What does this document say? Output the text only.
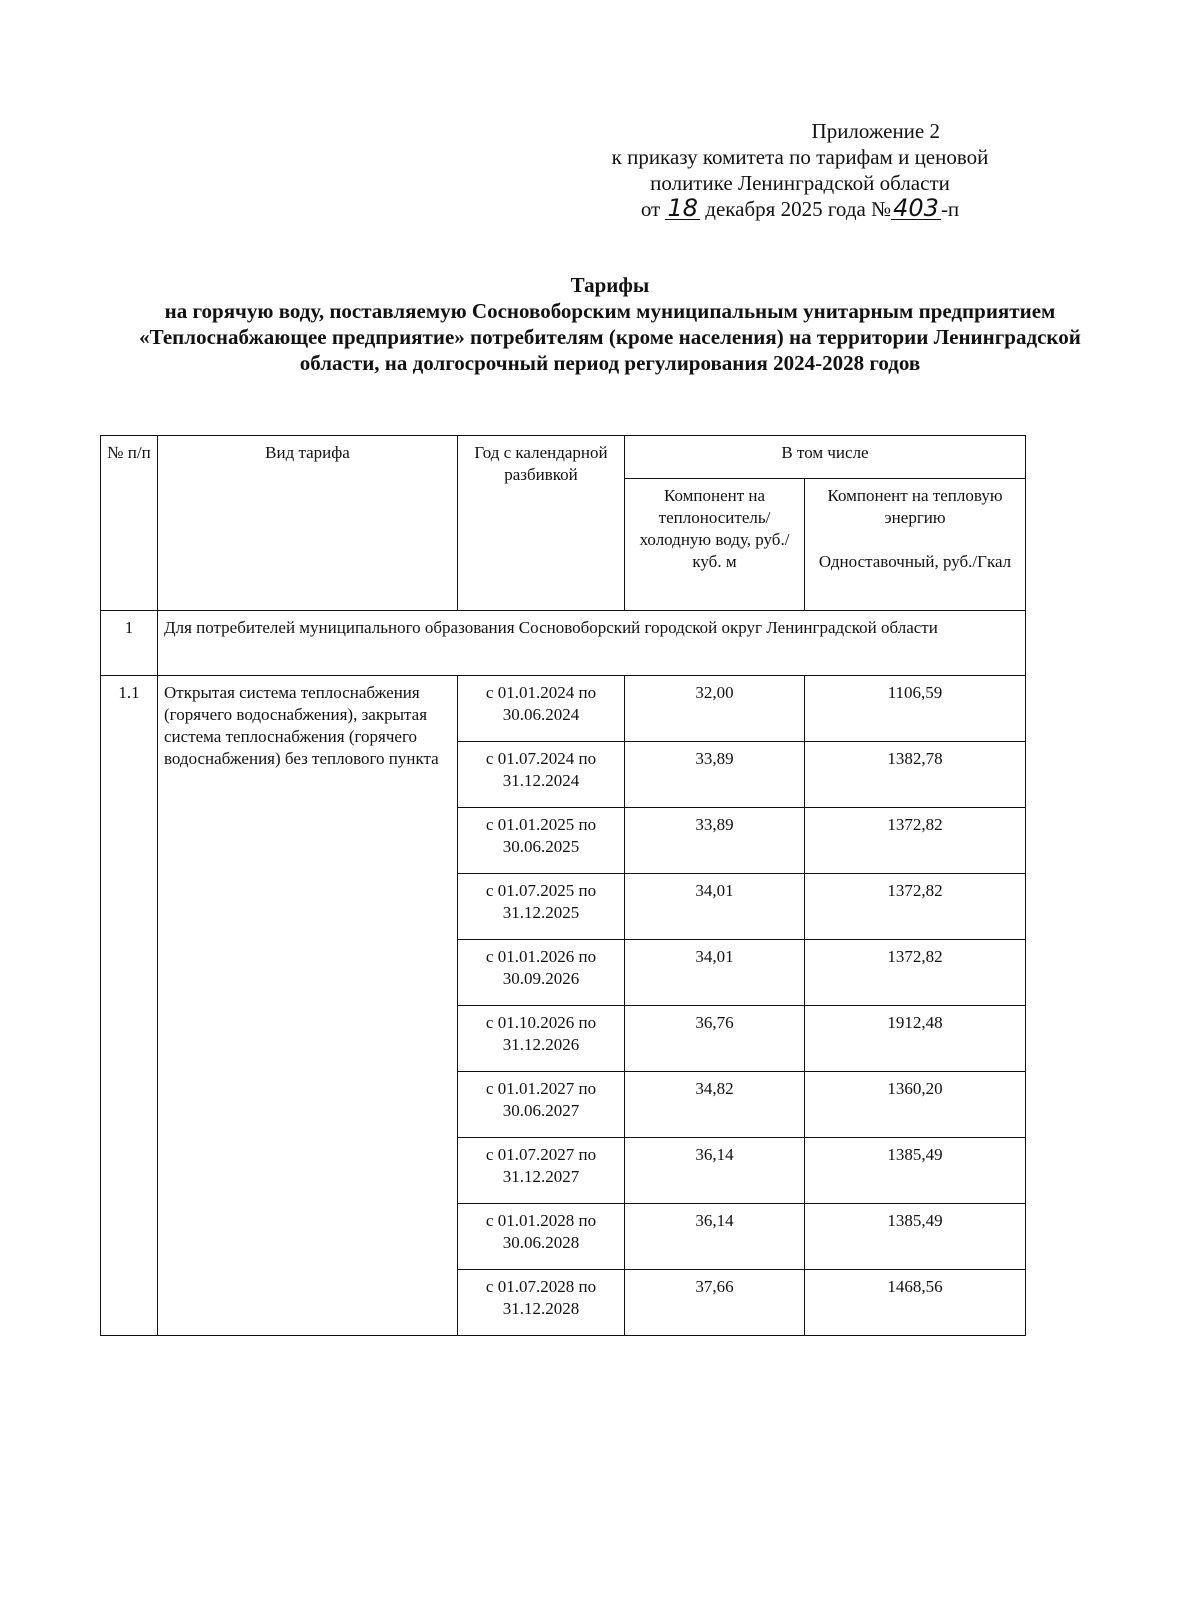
Приложение 2
к приказу комитета по тарифам и ценовой
политике Ленинградской области
от 18 декабря 2025 года №403-п
Тарифы
на горячую воду, поставляемую Сосновоборским муниципальным унитарным предприятием «Теплоснабжающее предприятие» потребителям (кроме населения) на территории Ленинградской области, на долгосрочный период регулирования 2024-2028 годов
№ п/п	Вид тарифа	Год с календарной разбивкой	В том числе	
			Компонент на теплоноситель/холодную воду, руб./куб. м	Компонент на тепловую энергию
Одноставочный, руб./Гкал

1	Для потребителей муниципального образования Сосновоборский городской округ Ленинградской области			
1.1	Открытая система теплоснабжения (горячего водоснабжения), закрытая система теплоснабжения (горячего водоснабжения) без теплового пункта	с 01.01.2024 по 30.06.2024	32,00	1106,59
		с 01.07.2024 по 31.12.2024	33,89	1382,78
		с 01.01.2025 по 30.06.2025	33,89	1372,82
		с 01.07.2025 по 31.12.2025	34,01	1372,82
		с 01.01.2026 по 30.09.2026	34,01	1372,82
		с 01.10.2026 по 31.12.2026	36,76	1912,48
		с 01.01.2027 по 30.06.2027	34,82	1360,20
		с 01.07.2027 по 31.12.2027	36,14	1385,49
		с 01.01.2028 по 30.06.2028	36,14	1385,49
		с 01.07.2028 по 31.12.2028	37,66	1468,56
